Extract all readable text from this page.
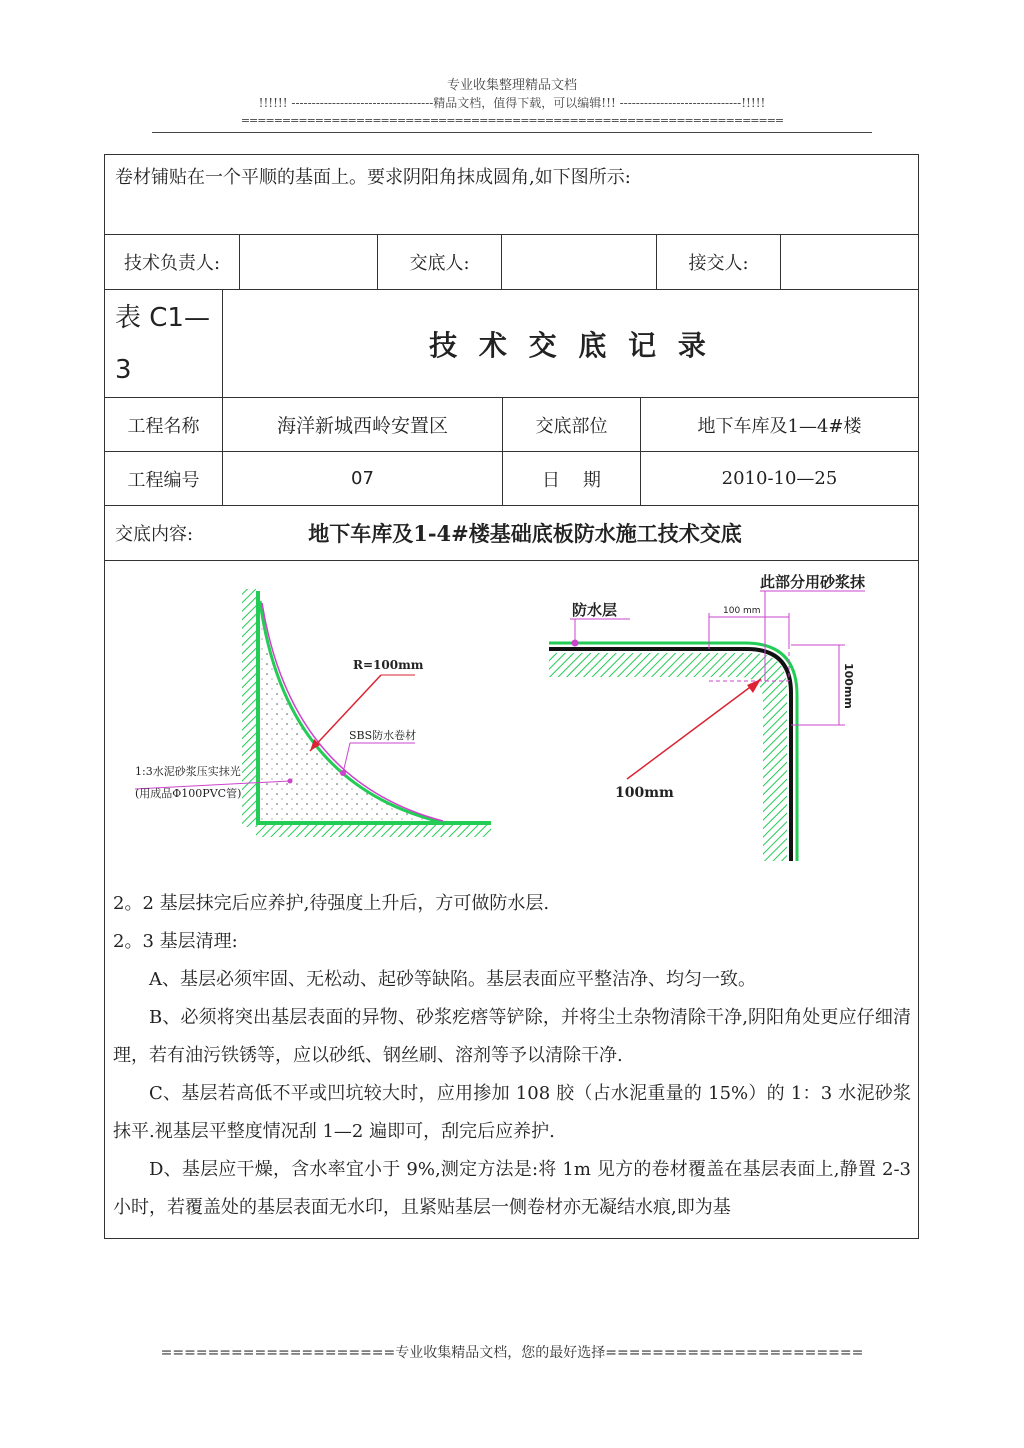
专业收集整理精品文档
!!!!!! -----------------------------------精品文档，值得下载，可以编辑!!! ------------------------------!!!!!
==================================================================
卷材铺贴在一个平顺的基面上。要求阴阳角抹成圆角,如下图所示:
技术负责人:	交底人:	接交人:
表 C1—
3
技 术 交 底 记 录
工程名称	海洋新城西岭安置区	交底部位	地下车库及1—4#楼
工程编号	07	日    期	2010-10—25
交底内容:	地下车库及1-4#楼基础底板防水施工技术交底
R=100mm
SBS防水卷材
1:3水泥砂浆压实抹光
(用成品Φ100PVC管)
此部分用砂浆抹
防水层	100 mm
100mm
100mm

2。2 基层抹完后应养护,待强度上升后，方可做防水层.

2。3 基层清理:

A、基层必须牢固、无松动、起砂等缺陷。基层表面应平整洁净、均匀一致。

B、必须将突出基层表面的异物、砂浆疙瘩等铲除，并将尘土杂物清除干净,阴阳角处更应仔细清理，若有油污铁锈等，应以砂纸、钢丝刷、溶剂等予以清除干净.

C、基层若高低不平或凹坑较大时，应用掺加 108 胶（占水泥重量的 15%）的 1：3 水泥砂浆抹平.视基层平整度情况刮 1—2 遍即可，刮完后应养护.

D、基层应干燥，含水率宜小于 9%,测定方法是:将 1m 见方的卷材覆盖在基层表面上,静置 2-3 小时，若覆盖处的基层表面无水印，且紧贴基层一侧卷材亦无凝结水痕,即为基

====================专业收集精品文档，您的最好选择======================
